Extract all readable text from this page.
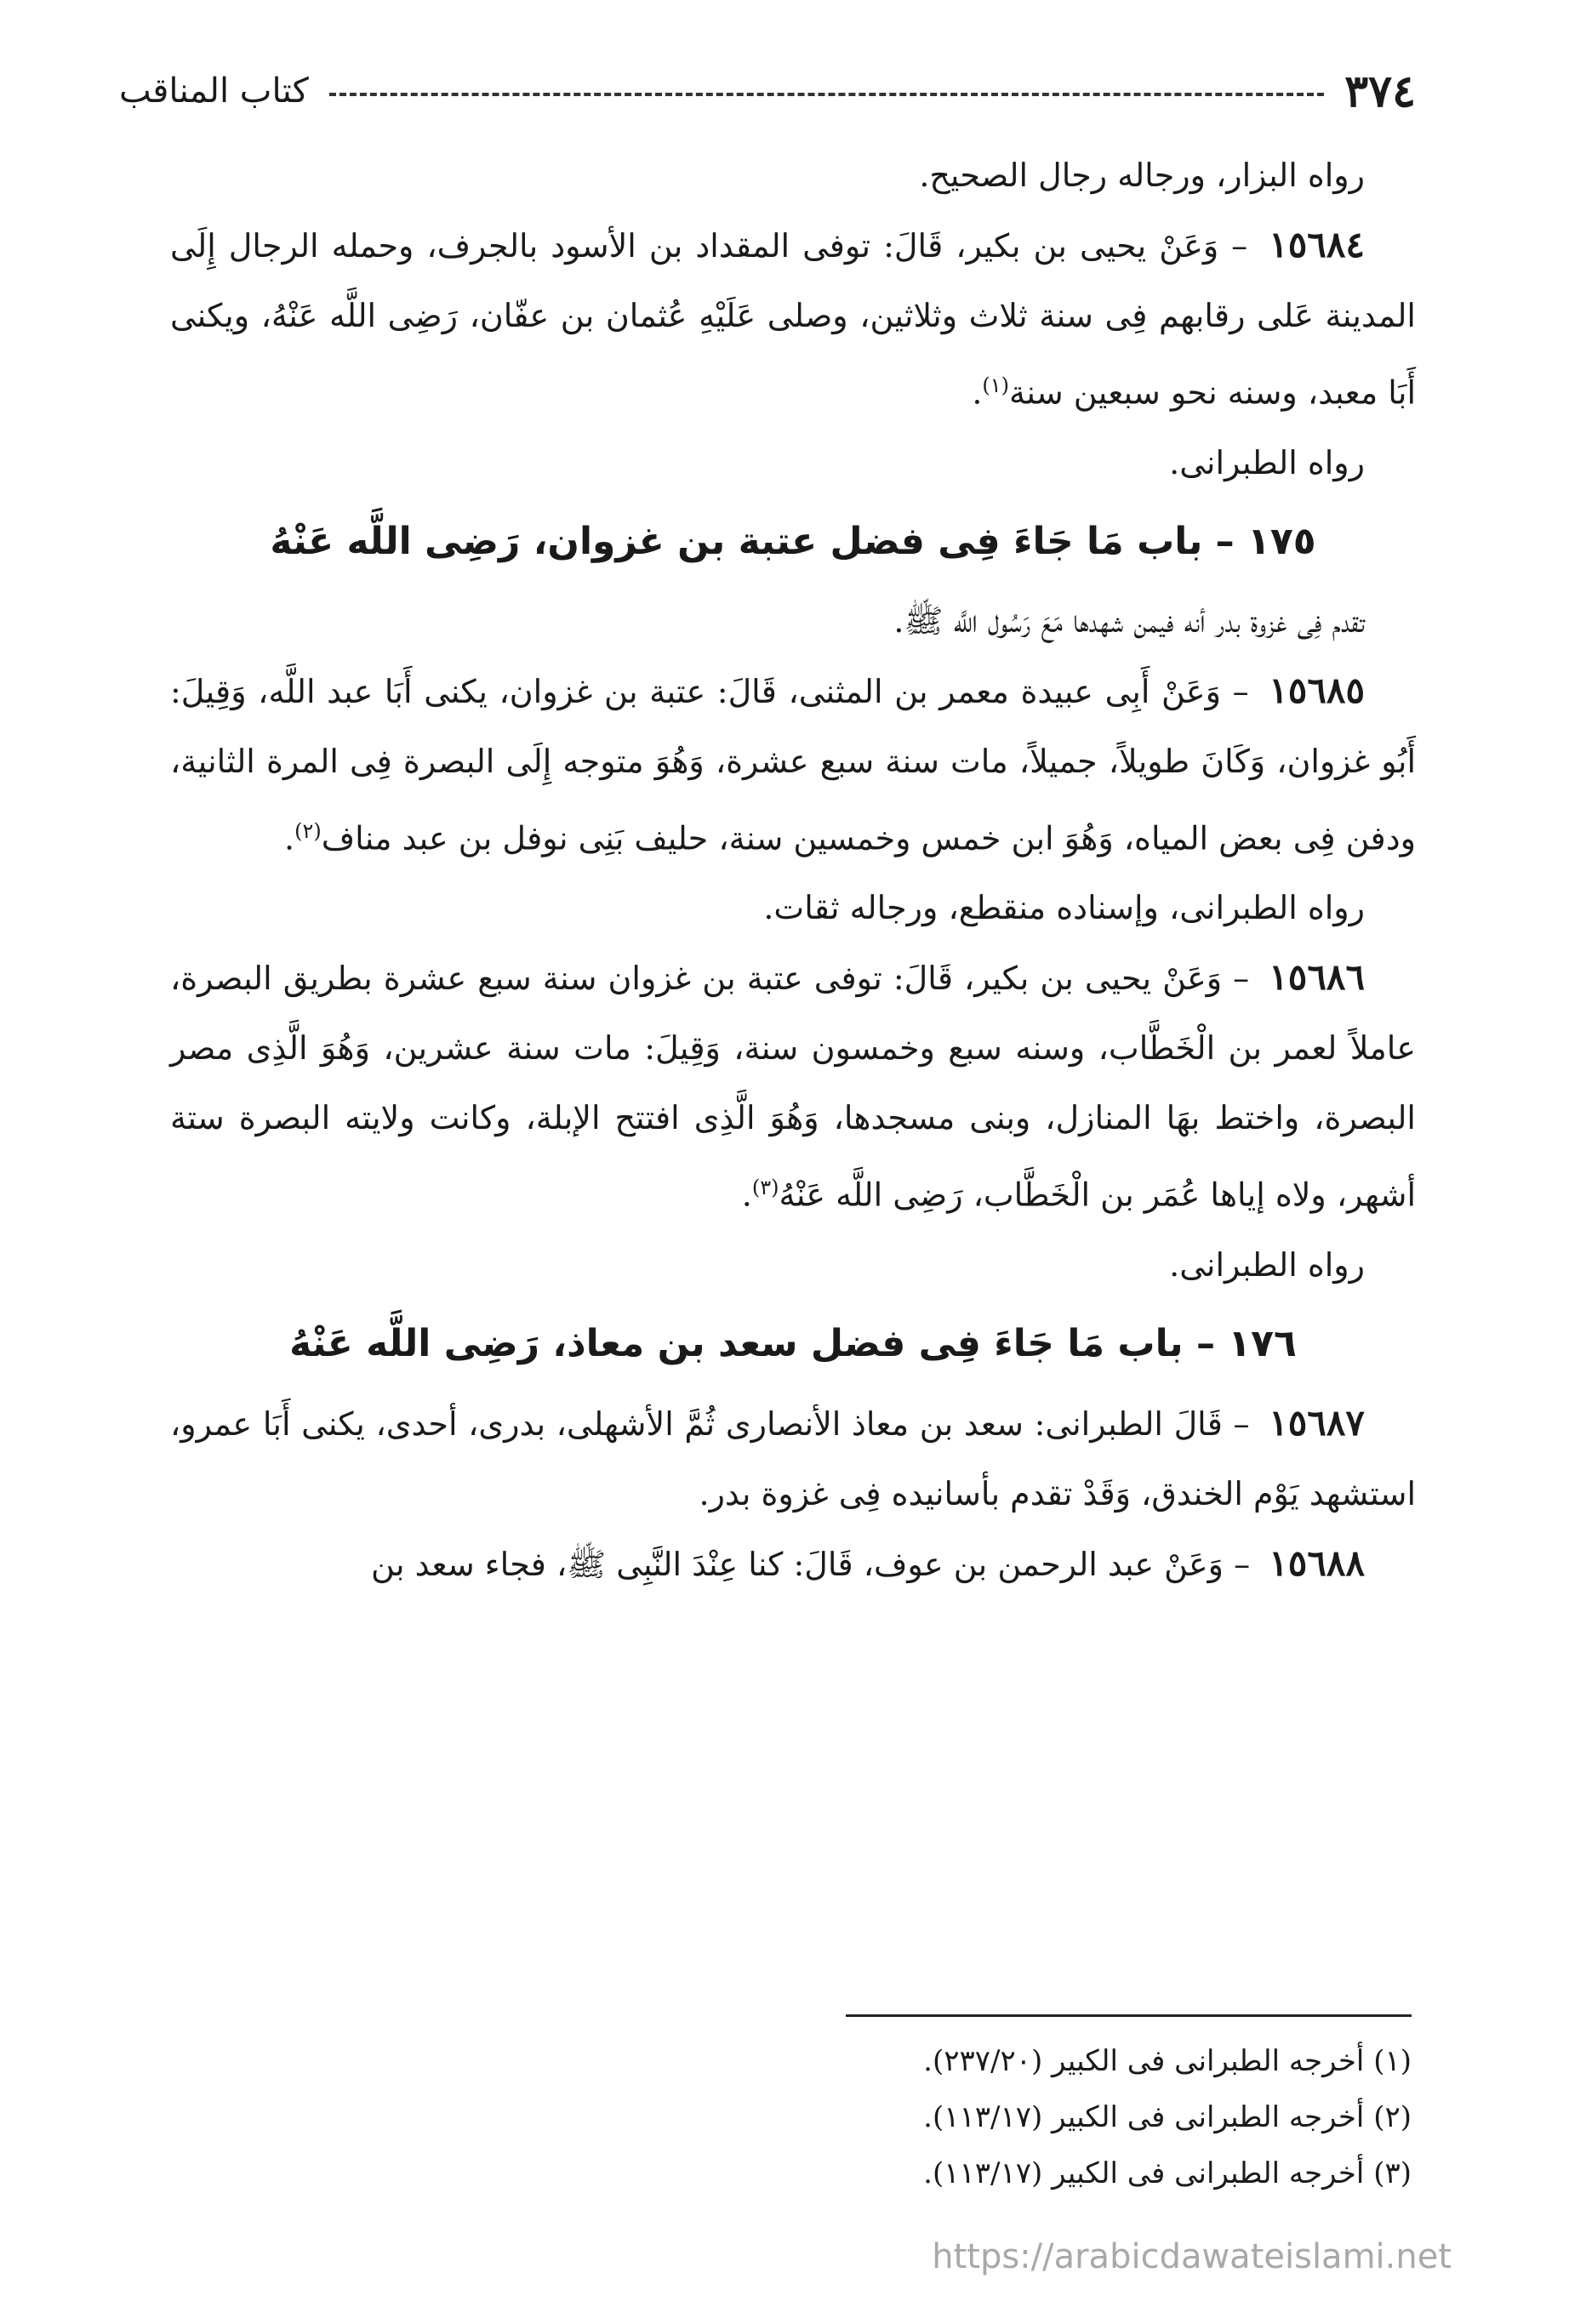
٣٧٤
كتاب المناقب

رواه البزار، ورجاله رجال الصحيح.

١٥٦٨٤ – وَعَنْ يحيى بن بكير، قَالَ: توفى المقداد بن الأسود بالجرف، وحمله الرجال إِلَى المدينة عَلى رقابهم فِى سنة ثلاث وثلاثين، وصلى عَلَيْهِ عُثمان بن عفّان، رَضِى اللَّه عَنْهُ، ويكنى أَبَا معبد، وسنه نحو سبعين سنة$^{(١)}$.

رواه الطبرانى.

١٧٥ – باب مَا جَاءَ فِى فضل عتبة بن غزوان، رَضِى اللَّه عَنْهُ

تقدم فِى غزوة بدر أنه فيمن شهدها مَعَ رَسُول اللَّه ﷺ.

١٥٦٨٥ – وَعَنْ أَبِى عبيدة معمر بن المثنى، قَالَ: عتبة بن غزوان، يكنى أَبَا عبد اللَّه، وَقِيلَ: أَبُو غزوان، وَكَانَ طويلاً، جميلاً، مات سنة سبع عشرة، وَهُوَ متوجه إِلَى البصرة فِى المرة الثانية، ودفن فِى بعض المياه، وَهُوَ ابن خمس وخمسين سنة، حليف بَنِى نوفل بن عبد مناف$^{(٢)}$.

رواه الطبرانى، وإسناده منقطع، ورجاله ثقات.

١٥٦٨٦ – وَعَنْ يحيى بن بكير، قَالَ: توفى عتبة بن غزوان سنة سبع عشرة بطريق البصرة، عاملاً لعمر بن الْخَطَّاب، وسنه سبع وخمسون سنة، وَقِيلَ: مات سنة عشرين، وَهُوَ الَّذِى مصر البصرة، واختط بهَا المنازل، وبنى مسجدها، وَهُوَ الَّذِى افتتح الإبلة، وكانت ولايته البصرة ستة أشهر، ولاه إياها عُمَر بن الْخَطَّاب، رَضِى اللَّه عَنْهُ$^{(٣)}$.

رواه الطبرانى.

١٧٦ – باب مَا جَاءَ فِى فضل سعد بن معاذ، رَضِى اللَّه عَنْهُ

١٥٦٨٧ – قَالَ الطبرانى: سعد بن معاذ الأنصارى ثُمَّ الأشهلى، بدرى، أحدى، يكنى أَبَا عمرو، استشهد يَوْم الخندق، وَقَدْ تقدم بأسانيده فِى غزوة بدر.

١٥٦٨٨ – وَعَنْ عبد الرحمن بن عوف، قَالَ: كنا عِنْدَ النَّبِى ﷺ، فجاء سعد بن

(١) أخرجه الطبرانى فى الكبير (٢٣٧/٢٠).

(٢) أخرجه الطبرانى فى الكبير (١١٣/١٧).

(٣) أخرجه الطبرانى فى الكبير (١١٣/١٧).

https://arabicdawateislami.net
